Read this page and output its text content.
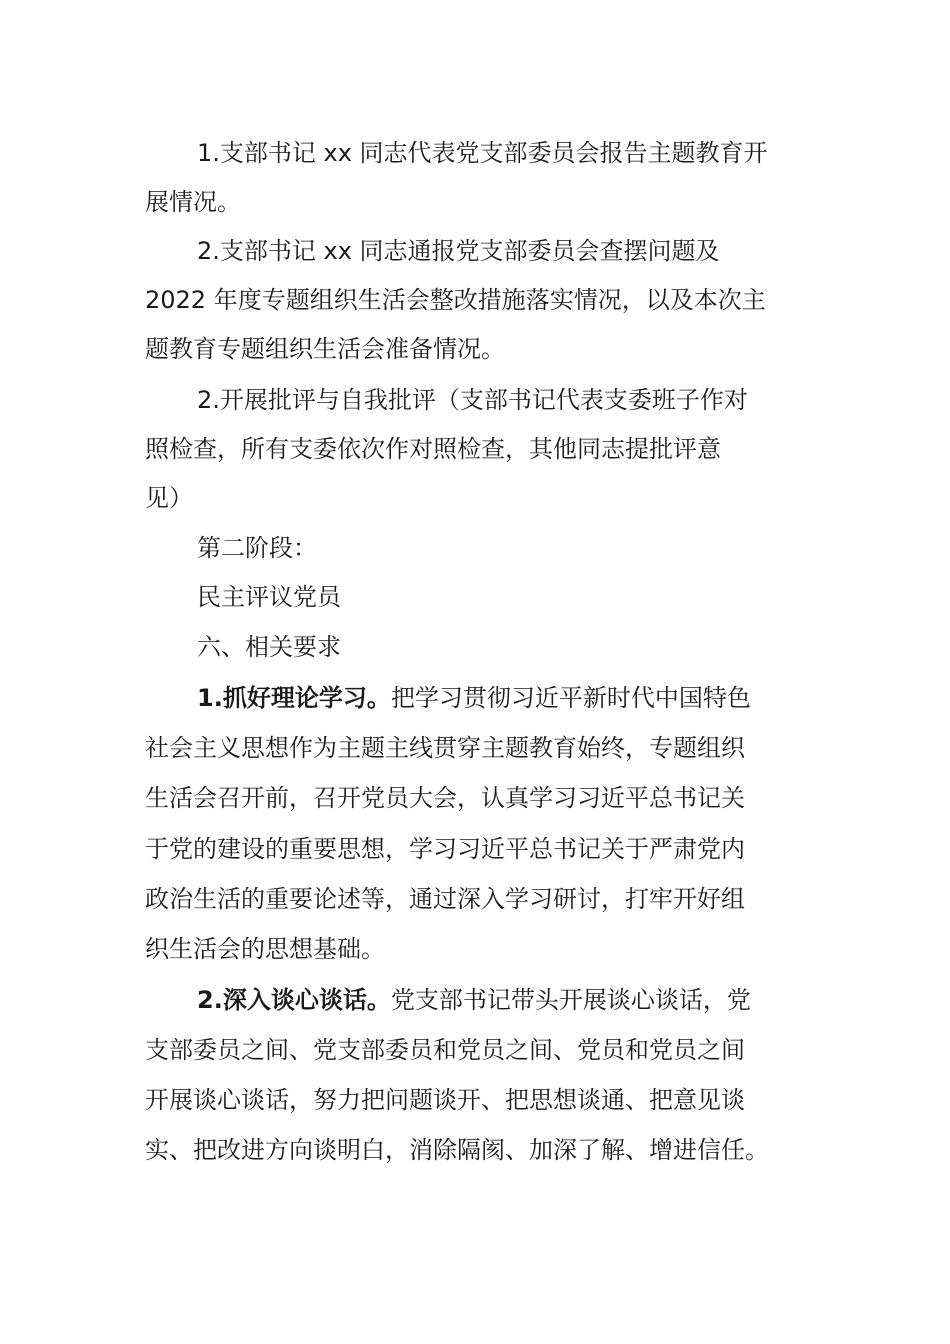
1.支部书记 xx 同志代表党支部委员会报告主题教育开
展情况。
2.支部书记 xx 同志通报党支部委员会查摆问题及
2022 年度专题组织生活会整改措施落实情况，以及本次主
题教育专题组织生活会准备情况。
2.开展批评与自我批评（支部书记代表支委班子作对
照检查，所有支委依次作对照检查，其他同志提批评意
见）
第二阶段：
民主评议党员
六、相关要求
1.抓好理论学习。把学习贯彻习近平新时代中国特色
社会主义思想作为主题主线贯穿主题教育始终，专题组织
生活会召开前，召开党员大会，认真学习习近平总书记关
于党的建设的重要思想，学习习近平总书记关于严肃党内
政治生活的重要论述等，通过深入学习研讨，打牢开好组
织生活会的思想基础。
2.深入谈心谈话。党支部书记带头开展谈心谈话，党
支部委员之间、党支部委员和党员之间、党员和党员之间
开展谈心谈话，努力把问题谈开、把思想谈通、把意见谈
实、把改进方向谈明白，消除隔阂、加深了解、增进信任。
